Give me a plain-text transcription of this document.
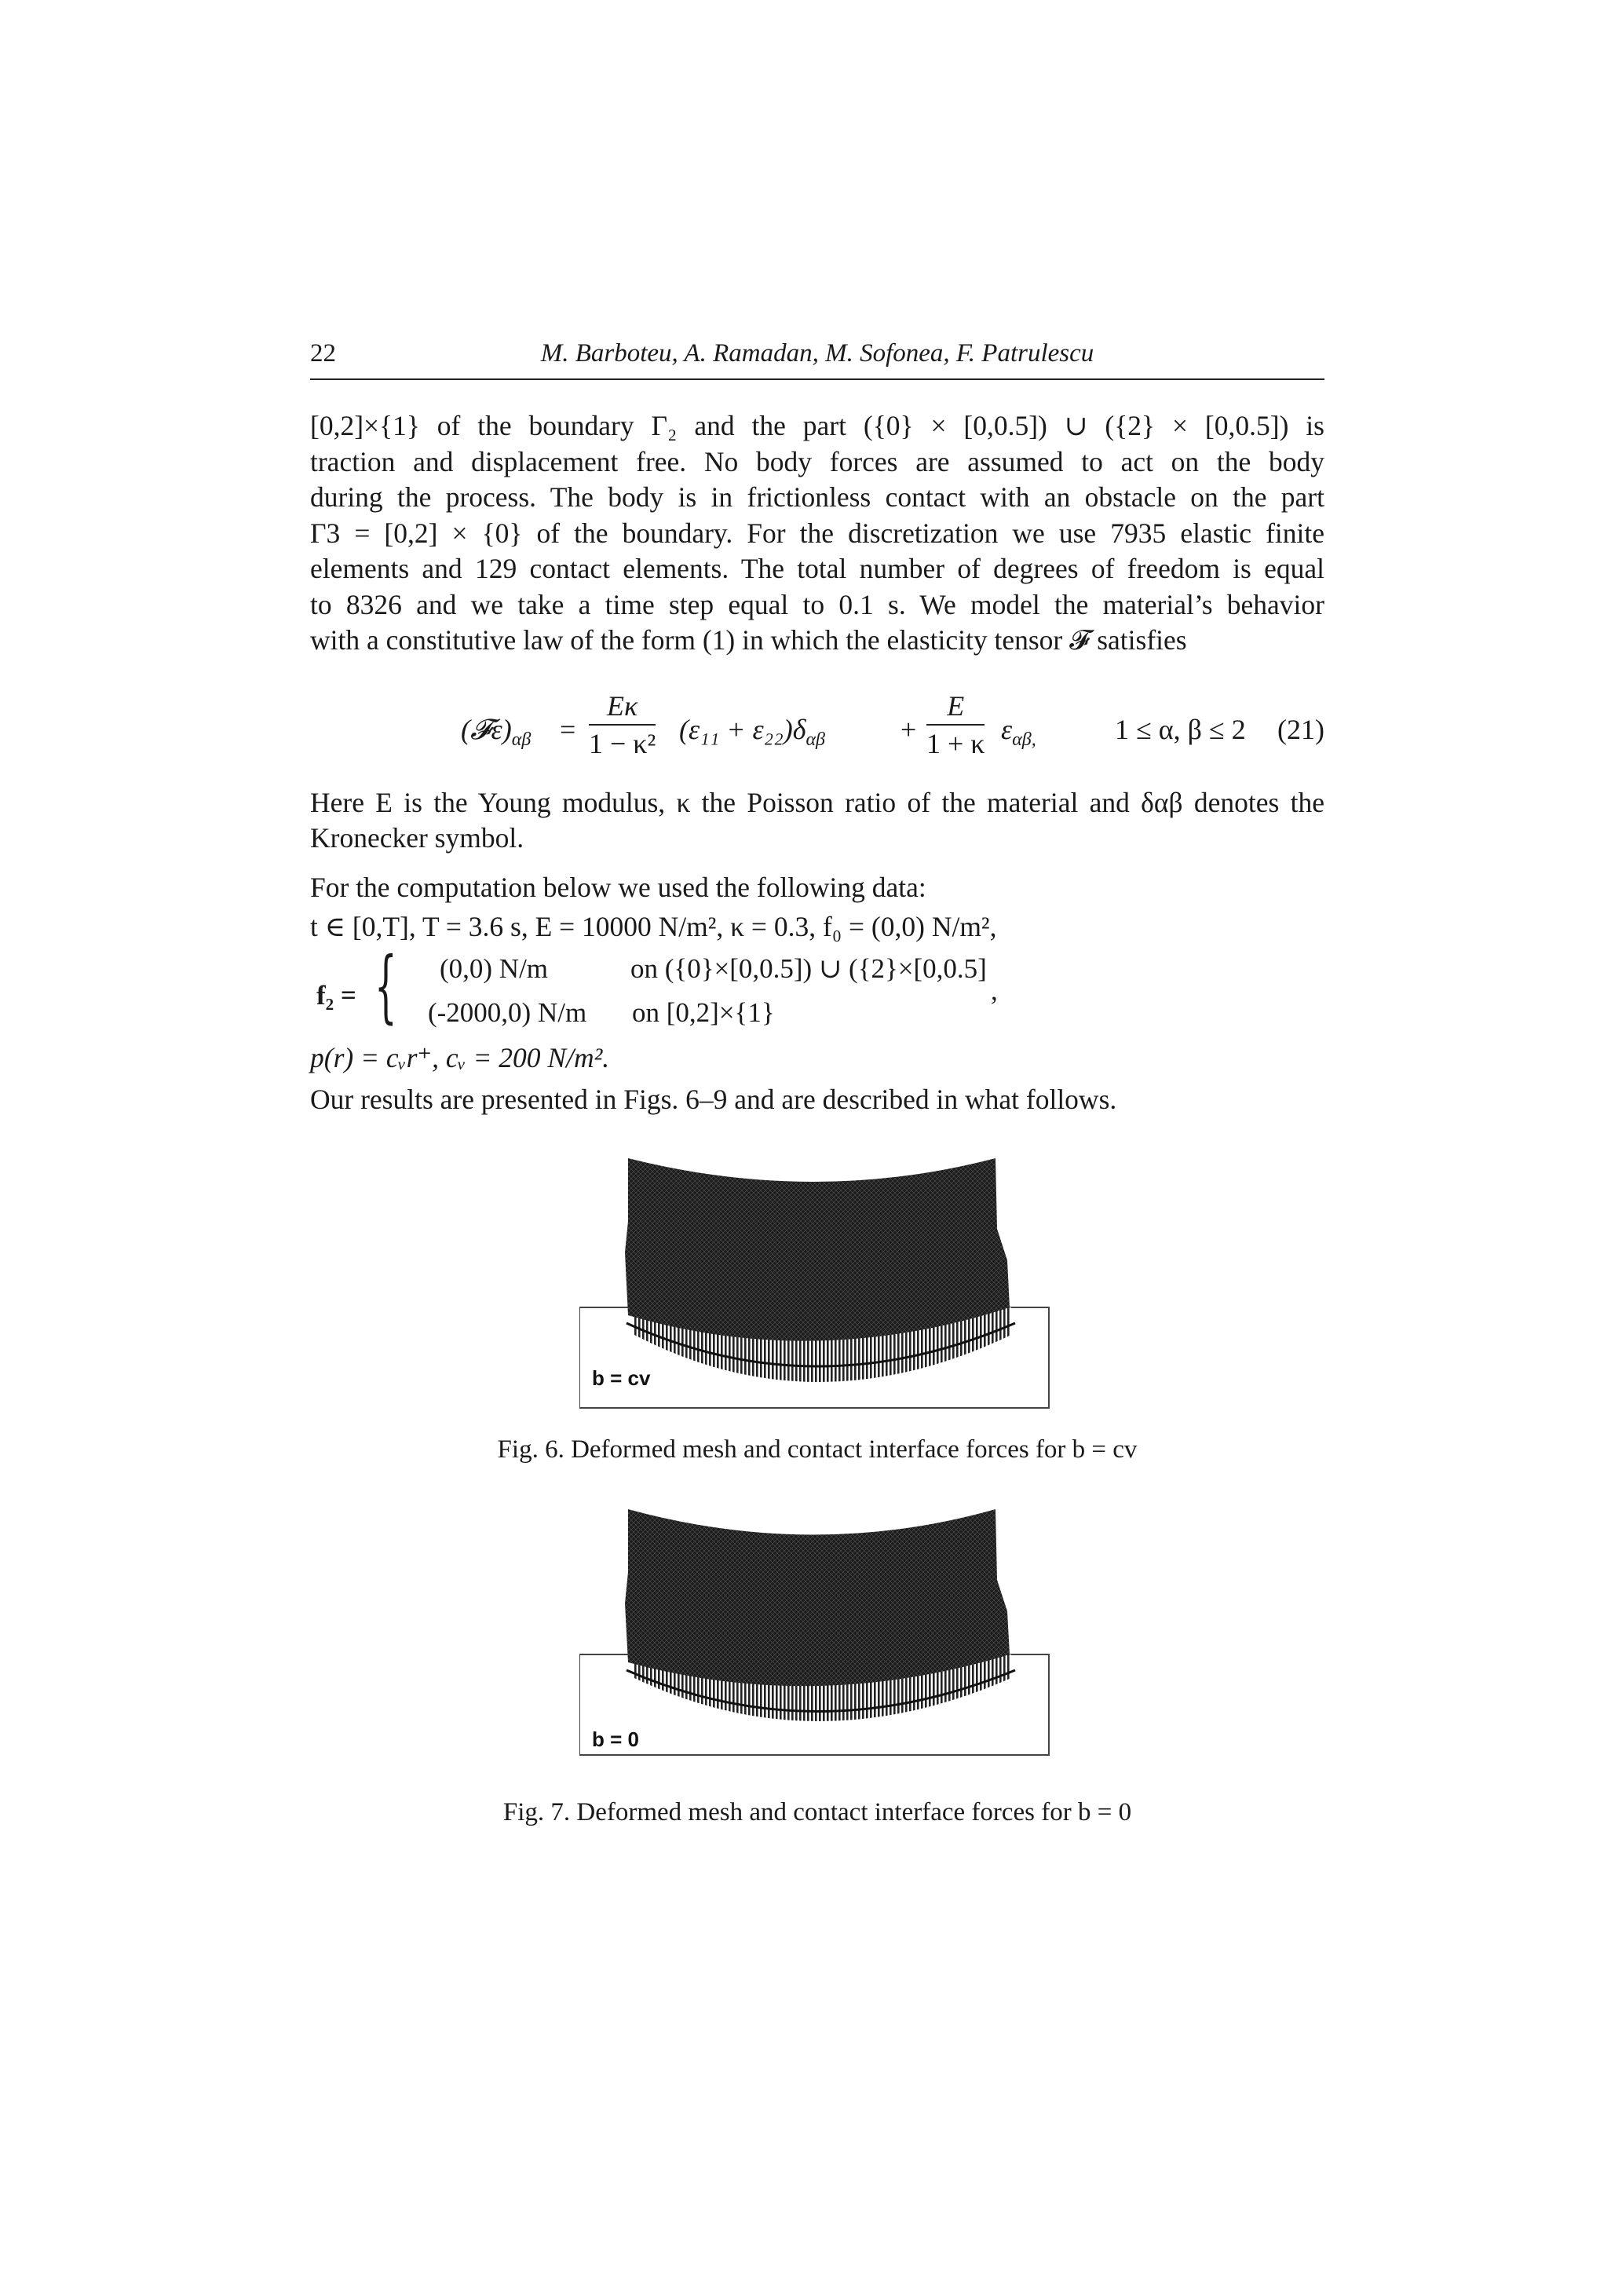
22	M. Barboteu, A. Ramadan, M. Sofonea, F. Patrulescu
[0,2]×{1} of the boundary Γ₂ and the part ({0} × [0,0.5]) ∪ ({2} × [0,0.5]) is
traction and displacement free. No body forces are assumed to act on the body
during the process. The body is in frictionless contact with an obstacle on the part
Γ3 = [0,2] × {0} of the boundary. For the discretization we use 7935 elastic finite
elements and 129 contact elements. The total number of degrees of freedom is equal
to 8326 and we take a time step equal to 0.1 s. We model the material’s behavior
with a constitutive law of the form (1) in which the elasticity tensor 𝓕 satisfies
$(𝓕\varepsilon)_{\alpha\beta} = \frac{E\kappa}{\text{1 − κ²}} (\varepsilon_{11} + \varepsilon_{22})\delta_{\alpha\beta}$	+ $\frac{E}{1 + \kappa} \varepsilon_{\alpha\beta,}$	1 ≤ α, β ≤ 2 (21)
Here E is the Young modulus, κ the Poisson ratio of the material and δαβ denotes the
Kronecker symbol.
For the computation below we used the following data:
t ∈ [0,T], T = 3.6 s, E = 10000 N/m², κ = 0.3, f₀ = (0,0) N/m²,
f₂ = { (0,0) N/m	on ({0}×[0,0.5]) ∪ ({2}×[0,0.5]
(-2000,0) N/m on [0,2]×{1}
,
p(r) = cᵥr⁺, cᵥ = 200 N/m².
Our results are presented in Figs. 6–9 and are described in what follows.
b = cv
Fig. 6. Deformed mesh and contact interface forces for b = cv
b = 0
Fig. 7. Deformed mesh and contact interface forces for b = 0
